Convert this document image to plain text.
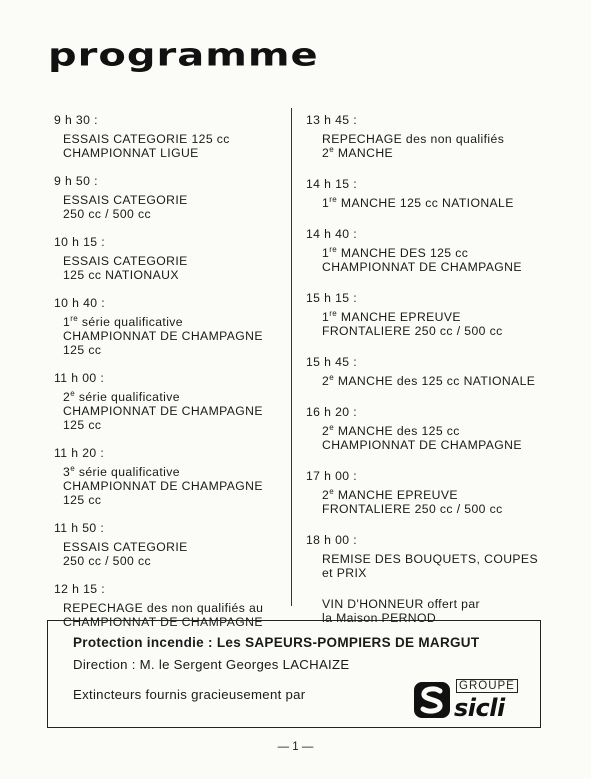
programme
9 h 30 :
ESSAIS CATEGORIE 125 cc
CHAMPIONNAT LIGUE
9 h 50 :
ESSAIS CATEGORIE
250 cc / 500 cc
10 h 15 :
ESSAIS CATEGORIE
125 cc NATIONAUX
10 h 40 :
1re série qualificative
CHAMPIONNAT DE CHAMPAGNE
125 cc
11 h 00 :
2e série qualificative
CHAMPIONNAT DE CHAMPAGNE
125 cc
11 h 20 :
3e série qualificative
CHAMPIONNAT DE CHAMPAGNE
125 cc
11 h 50 :
ESSAIS CATEGORIE
250 cc / 500 cc
12 h 15 :
REPECHAGE des non qualifiés au
CHAMPIONNAT DE CHAMPAGNE
13 h 45 :
REPECHAGE des non qualifiés
2e MANCHE
14 h 15 :
1re MANCHE 125 cc NATIONALE
14 h 40 :
1re MANCHE DES 125 cc
CHAMPIONNAT DE CHAMPAGNE
15 h 15 :
1re MANCHE EPREUVE
FRONTALIERE 250 cc / 500 cc
15 h 45 :
2e MANCHE des 125 cc NATIONALE
16 h 20 :
2e MANCHE des 125 cc
CHAMPIONNAT DE CHAMPAGNE
17 h 00 :
2e MANCHE EPREUVE
FRONTALIERE 250 cc / 500 cc
18 h 00 :
REMISE DES BOUQUETS, COUPES
et PRIX
VIN D'HONNEUR offert par
la Maison PERNOD
Protection incendie : Les SAPEURS-POMPIERS DE MARGUT
Direction : M. le Sergent Georges LACHAIZE
Extincteurs fournis gracieusement par
GROUPE
sicli
— 1 —
